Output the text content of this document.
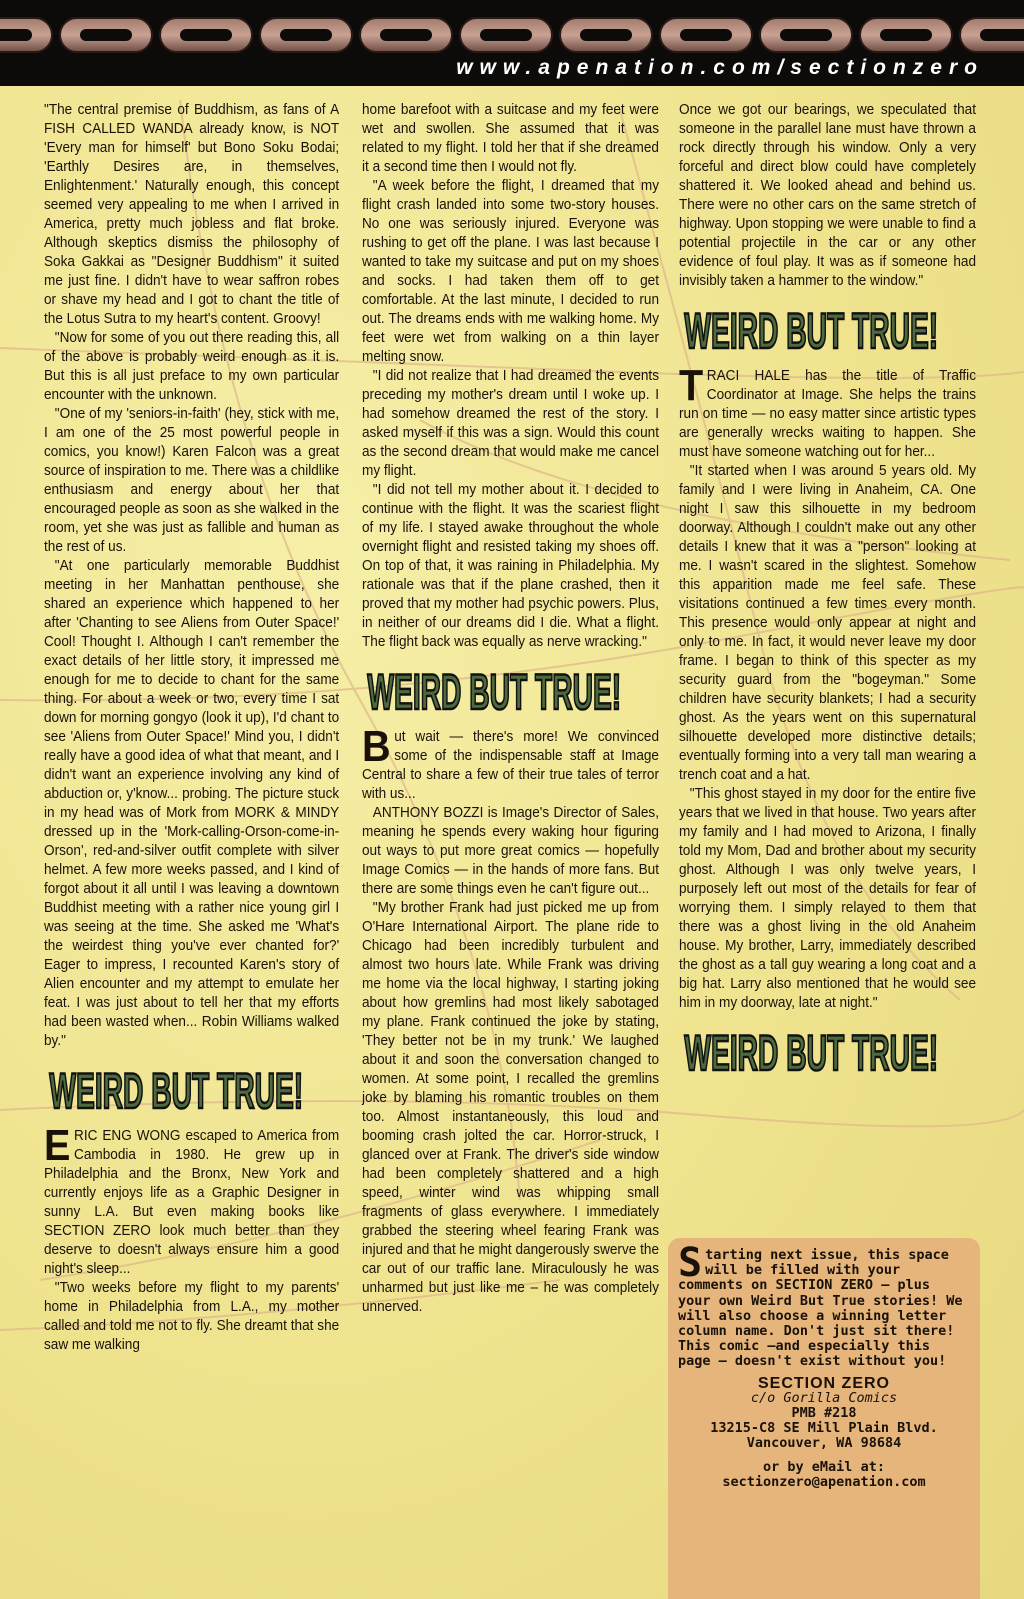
www.apenation.com/sectionzero

"The central premise of Buddhism, as fans of A FISH CALLED WANDA already know, is NOT 'Every man for himself' but Bono Soku Bodai; 'Earthly Desires are, in themselves, Enlightenment.' Naturally enough, this concept seemed very appealing to me when I arrived in America, pretty much jobless and flat broke. Although skeptics dismiss the philosophy of Soka Gakkai as "Designer Buddhism" it suited me just fine. I didn't have to wear saffron robes or shave my head and I got to chant the title of the Lotus Sutra to my heart's content. Groovy!

"Now for some of you out there reading this, all of the above is probably weird enough as it is. But this is all just preface to my own particular encounter with the unknown.

"One of my 'seniors-in-faith' (hey, stick with me, I am one of the 25 most powerful people in comics, you know!) Karen Falcon was a great source of inspiration to me. There was a childlike enthusiasm and energy about her that encouraged people as soon as she walked in the room, yet she was just as fallible and human as the rest of us.

"At one particularly memorable Buddhist meeting in her Manhattan penthouse, she shared an experience which happened to her after 'Chanting to see Aliens from Outer Space!' Cool! Thought I. Although I can't remember the exact details of her little story, it impressed me enough for me to decide to chant for the same thing. For about a week or two, every time I sat down for morning gongyo (look it up), I'd chant to see 'Aliens from Outer Space!' Mind you, I didn't really have a good idea of what that meant, and I didn't want an experience involving any kind of abduction or, y'know... probing. The picture stuck in my head was of Mork from MORK & MINDY dressed up in the 'Mork-calling-Orson-come-in-Orson', red-and-silver outfit complete with silver helmet. A few more weeks passed, and I kind of forgot about it all until I was leaving a downtown Buddhist meeting with a rather nice young girl I was seeing at the time. She asked me 'What's the weirdest thing you've ever chanted for?' Eager to impress, I recounted Karen's story of Alien encounter and my attempt to emulate her feat. I was just about to tell her that my efforts had been wasted when... Robin Williams walked by."

WEIRD BUT TRUE!

ERIC ENG WONG escaped to America from Cambodia in 1980. He grew up in Philadelphia and the Bronx, New York and currently enjoys life as a Graphic Designer in sunny L.A. But even making books like SECTION ZERO look much better than they deserve to doesn't always ensure him a good night's sleep...

"Two weeks before my flight to my parents' home in Philadelphia from L.A., my mother called and told me not to fly. She dreamt that she saw me walking

home barefoot with a suitcase and my feet were wet and swollen. She assumed that it was related to my flight. I told her that if she dreamed it a second time then I would not fly.

"A week before the flight, I dreamed that my flight crash landed into some two-story houses. No one was seriously injured. Everyone was rushing to get off the plane. I was last because I wanted to take my suitcase and put on my shoes and socks. I had taken them off to get comfortable. At the last minute, I decided to run out. The dreams ends with me walking home. My feet were wet from walking on a thin layer melting snow.

"I did not realize that I had dreamed the events preceding my mother's dream until I woke up. I had somehow dreamed the rest of the story. I asked myself if this was a sign. Would this count as the second dream that would make me cancel my flight.

"I did not tell my mother about it. I decided to continue with the flight. It was the scariest flight of my life. I stayed awake throughout the whole overnight flight and resisted taking my shoes off. On top of that, it was raining in Philadelphia. My rationale was that if the plane crashed, then it proved that my mother had psychic powers. Plus, in neither of our dreams did I die. What a flight. The flight back was equally as nerve wracking."

WEIRD BUT TRUE!

But wait — there's more! We convinced some of the indispensable staff at Image Central to share a few of their true tales of terror with us...

ANTHONY BOZZI is Image's Director of Sales, meaning he spends every waking hour figuring out ways to put more great comics — hopefully Image Comics — in the hands of more fans. But there are some things even he can't figure out...

"My brother Frank had just picked me up from O'Hare International Airport. The plane ride to Chicago had been incredibly turbulent and almost two hours late. While Frank was driving me home via the local highway, I starting joking about how gremlins had most likely sabotaged my plane. Frank continued the joke by stating, 'They better not be in my trunk.' We laughed about it and soon the conversation changed to women. At some point, I recalled the gremlins joke by blaming his romantic troubles on them too. Almost instantaneously, this loud and booming crash jolted the car. Horror-struck, I glanced over at Frank. The driver's side window had been completely shattered and a high speed, winter wind was whipping small fragments of glass everywhere. I immediately grabbed the steering wheel fearing Frank was injured and that he might dangerously swerve the car out of our traffic lane. Miraculously he was unharmed but just like me – he was completely unnerved.

Once we got our bearings, we speculated that someone in the parallel lane must have thrown a rock directly through his window. Only a very forceful and direct blow could have completely shattered it. We looked ahead and behind us. There were no other cars on the same stretch of highway. Upon stopping we were unable to find a potential projectile in the car or any other evidence of foul play. It was as if someone had invisibly taken a hammer to the window."

WEIRD BUT TRUE!

TRACI HALE has the title of Traffic Coordinator at Image. She helps the trains run on time — no easy matter since artistic types are generally wrecks waiting to happen. She must have someone watching out for her...

"It started when I was around 5 years old. My family and I were living in Anaheim, CA. One night I saw this silhouette in my bedroom doorway. Although I couldn't make out any other details I knew that it was a "person" looking at me. I wasn't scared in the slightest. Somehow this apparition made me feel safe. These visitations continued a few times every month. This presence would only appear at night and only to me. In fact, it would never leave my door frame. I began to think of this specter as my security guard from the "bogeyman." Some children have security blankets; I had a security ghost. As the years went on this supernatural silhouette developed more distinctive details; eventually forming into a very tall man wearing a trench coat and a hat.

"This ghost stayed in my door for the entire five years that we lived in that house. Two years after my family and I had moved to Arizona, I finally told my Mom, Dad and brother about my security ghost. Although I was only twelve years, I purposely left out most of the details for fear of worrying them. I simply relayed to them that there was a ghost living in the old Anaheim house. My brother, Larry, immediately described the ghost as a tall guy wearing a long coat and a big hat. Larry also mentioned that he would see him in my doorway, late at night."

WEIRD BUT TRUE!
Starting next issue, this space will be filled with your comments on SECTION ZERO — plus your own Weird But True stories! We will also choose a winning letter column name. Don't just sit there! This comic —and especially this page — doesn't exist without you!
SECTION ZERO
c/o Gorilla Comics
PMB #218
13215-C8 SE Mill Plain Blvd.
Vancouver, WA 98684
or by eMail at:
sectionzero@apenation.com
